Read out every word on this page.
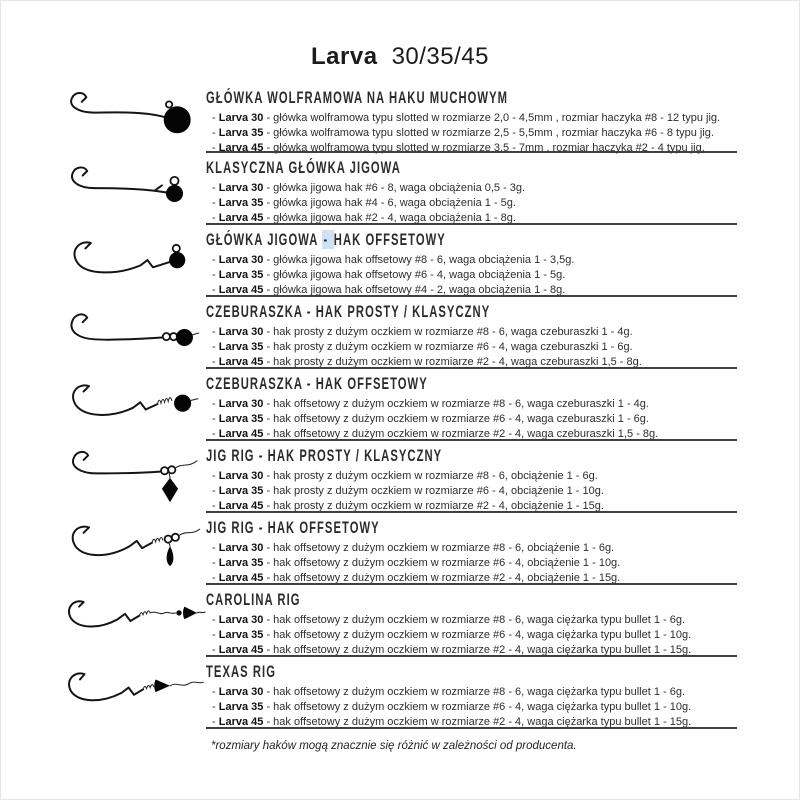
Larva 30/35/45
GŁÓWKA WOLFRAMOWA NA HAKU MUCHOWYM
- Larva 30 - główka wolframowa typu slotted w rozmiarze 2,0 - 4,5mm , rozmiar haczyka #8 - 12 typu jig.
- Larva 35 - główka wolframowa typu slotted w rozmiarze 2,5 - 5,5mm , rozmiar haczyka #6 - 8 typu jig.
- Larva 45 - główka wolframowa typu slotted w rozmiarze 3,5 - 7mm , rozmiar haczyka #2 - 4 typu jig.
KLASYCZNA GŁÓWKA JIGOWA
- Larva 30 - główka jigowa hak #6 - 8, waga obciążenia 0,5 - 3g.
- Larva 35 - główka jigowa hak #4 - 6, waga obciążenia 1 - 5g.
- Larva 45 - główka jigowa hak #2 - 4, waga obciążenia 1 - 8g.
GŁÓWKA JIGOWA - HAK OFFSETOWY
- Larva 30 - główka jigowa hak offsetowy #8 - 6, waga obciążenia 1 - 3,5g.
- Larva 35 - główka jigowa hak offsetowy #6 - 4, waga obciążenia 1 - 5g.
- Larva 45 - główka jigowa hak offsetowy #4 - 2, waga obciążenia 1 - 8g.
CZEBURASZKA - HAK PROSTY / KLASYCZNY
- Larva 30 - hak prosty z dużym oczkiem w rozmiarze #8 - 6, waga czeburaszki 1 - 4g.
- Larva 35 - hak prosty z dużym oczkiem w rozmiarze #6 - 4, waga czeburaszki 1 - 6g.
- Larva 45 - hak prosty z dużym oczkiem w rozmiarze #2 - 4, waga czeburaszki 1,5 - 8g.
CZEBURASZKA - HAK OFFSETOWY
- Larva 30 - hak offsetowy z dużym oczkiem w rozmiarze #8 - 6, waga czeburaszki 1 - 4g.
- Larva 35 - hak offsetowy z dużym oczkiem w rozmiarze #6 - 4, waga czeburaszki 1 - 6g.
- Larva 45 - hak offsetowy z dużym oczkiem w rozmiarze #2 - 4, waga czeburaszki 1,5 - 8g.
JIG RIG - HAK PROSTY / KLASYCZNY
- Larva 30 - hak prosty z dużym oczkiem w rozmiarze #8 - 6, obciążenie 1 - 6g.
- Larva 35 - hak prosty z dużym oczkiem w rozmiarze #6 - 4, obciążenie 1 - 10g.
- Larva 45 - hak prosty z dużym oczkiem w rozmiarze #2 - 4, obciążenie 1 - 15g.
JIG RIG - HAK OFFSETOWY
- Larva 30 - hak offsetowy z dużym oczkiem w rozmiarze #8 - 6, obciążenie 1 - 6g.
- Larva 35 - hak offsetowy z dużym oczkiem w rozmiarze #6 - 4, obciążenie 1 - 10g.
- Larva 45 - hak offsetowy z dużym oczkiem w rozmiarze #2 - 4, obciążenie 1 - 15g.
CAROLINA RIG
- Larva 30 - hak offsetowy z dużym oczkiem w rozmiarze #8 - 6, waga ciężarka typu bullet 1 - 6g.
- Larva 35 - hak offsetowy z dużym oczkiem w rozmiarze #6 - 4, waga ciężarka typu bullet 1 - 10g.
- Larva 45 - hak offsetowy z dużym oczkiem w rozmiarze #2 - 4, waga ciężarka typu bullet 1 - 15g.
TEXAS RIG
- Larva 30 - hak offsetowy z dużym oczkiem w rozmiarze #8 - 6, waga ciężarka typu bullet 1 - 6g.
- Larva 35 - hak offsetowy z dużym oczkiem w rozmiarze #6 - 4, waga ciężarka typu bullet 1 - 10g.
- Larva 45 - hak offsetowy z dużym oczkiem w rozmiarze #2 - 4, waga ciężarka typu bullet 1 - 15g.
*rozmiary haków mogą znacznie się różnić w zależności od producenta.
